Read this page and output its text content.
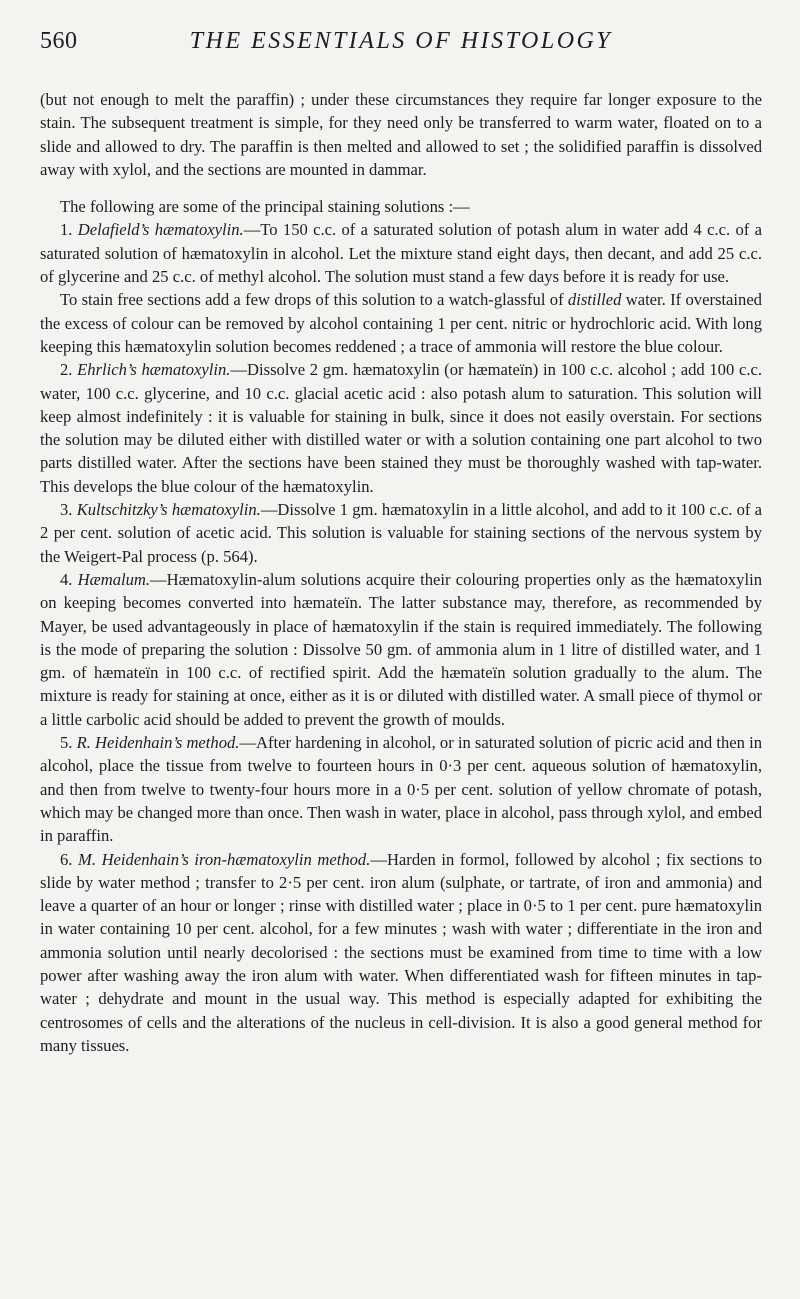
560	THE ESSENTIALS OF HISTOLOGY

(but not enough to melt the paraffin) ; under these circumstances they require far longer exposure to the stain. The subsequent treatment is simple, for they need only be transferred to warm water, floated on to a slide and allowed to dry. The paraffin is then melted and allowed to set ; the solidified paraffin is dissolved away with xylol, and the sections are mounted in dammar.

The following are some of the principal staining solutions :—

1. Delafield’s hæmatoxylin.—To 150 c.c. of a saturated solution of potash alum in water add 4 c.c. of a saturated solution of hæmatoxylin in alcohol. Let the mixture stand eight days, then decant, and add 25 c.c. of glycerine and 25 c.c. of methyl alcohol. The solution must stand a few days before it is ready for use.

To stain free sections add a few drops of this solution to a watch-glassful of distilled water. If overstained the excess of colour can be removed by alcohol containing 1 per cent. nitric or hydrochloric acid. With long keeping this hæmatoxylin solution becomes reddened ; a trace of ammonia will restore the blue colour.

2. Ehrlich’s hæmatoxylin.—Dissolve 2 gm. hæmatoxylin (or hæmateïn) in 100 c.c. alcohol ; add 100 c.c. water, 100 c.c. glycerine, and 10 c.c. glacial acetic acid : also potash alum to saturation. This solution will keep almost indefinitely : it is valuable for staining in bulk, since it does not easily overstain. For sections the solution may be diluted either with distilled water or with a solution containing one part alcohol to two parts distilled water. After the sections have been stained they must be thoroughly washed with tap-water. This develops the blue colour of the hæmatoxylin.

3. Kultschitzky’s hæmatoxylin.—Dissolve 1 gm. hæmatoxylin in a little alcohol, and add to it 100 c.c. of a 2 per cent. solution of acetic acid. This solution is valuable for staining sections of the nervous system by the Weigert-Pal process (p. 564).

4. Hæmalum.—Hæmatoxylin-alum solutions acquire their colouring properties only as the hæmatoxylin on keeping becomes converted into hæmateïn. The latter substance may, therefore, as recommended by Mayer, be used advantageously in place of hæmatoxylin if the stain is required immediately. The following is the mode of preparing the solution : Dissolve 50 gm. of ammonia alum in 1 litre of distilled water, and 1 gm. of hæmateïn in 100 c.c. of rectified spirit. Add the hæmateïn solution gradually to the alum. The mixture is ready for staining at once, either as it is or diluted with distilled water. A small piece of thymol or a little carbolic acid should be added to prevent the growth of moulds.

5. R. Heidenhain’s method.—After hardening in alcohol, or in saturated solution of picric acid and then in alcohol, place the tissue from twelve to fourteen hours in 0·3 per cent. aqueous solution of hæmatoxylin, and then from twelve to twenty-four hours more in a 0·5 per cent. solution of yellow chromate of potash, which may be changed more than once. Then wash in water, place in alcohol, pass through xylol, and embed in paraffin.

6. M. Heidenhain’s iron-hæmatoxylin method.—Harden in formol, followed by alcohol ; fix sections to slide by water method ; transfer to 2·5 per cent. iron alum (sulphate, or tartrate, of iron and ammonia) and leave a quarter of an hour or longer ; rinse with distilled water ; place in 0·5 to 1 per cent. pure hæmatoxylin in water containing 10 per cent. alcohol, for a few minutes ; wash with water ; differentiate in the iron and ammonia solution until nearly decolorised : the sections must be examined from time to time with a low power after washing away the iron alum with water. When differentiated wash for fifteen minutes in tap-water ; dehydrate and mount in the usual way. This method is especially adapted for exhibiting the centrosomes of cells and the alterations of the nucleus in cell-division. It is also a good general method for many tissues.
